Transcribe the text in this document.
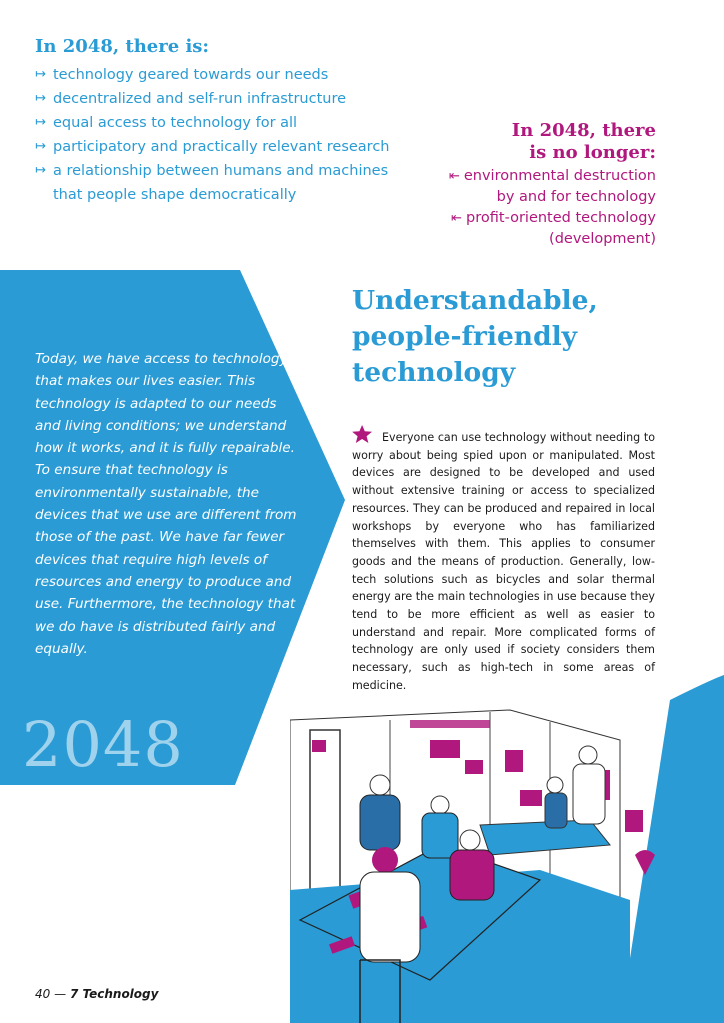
In 2048, there is:
↦ technology geared towards our needs
↦ decentralized and self-run infrastructure
↦ equal access to technology for all
↦ participatory and practically relevant research
↦ a relationship between humans and machines
that people shape democratically
In 2048, there
is no longer:
⇤ environmental destruction
by and for technology
⇤ profit-oriented technology
(development)
Today, we have access to technology that makes our lives easier. This technology is adapted to our needs and living conditions; we understand how it works, and it is fully repairable. To ensure that technology is environmentally sustainable, the devices that we use are different from those of the past. We have far fewer devices that require high levels of resources and energy to produce and use. Furthermore, the technology that we do have is distributed fairly and equally.
2048
Understandable, people-friendly technology

Everyone can use technology without needing to worry about being spied upon or manipulated. Most devices are designed to be developed and used without extensive training or access to specialized resources. They can be produced and repaired in local workshops by everyone who has familiarized themselves with them. This applies to consumer goods and the means of production. Generally, low-tech solutions such as bicycles and solar thermal energy are the main technologies in use because they tend to be more efficient as well as easier to understand and repair. More complicated forms of technology are only used if society considers them necessary, such as high-tech in some areas of medicine.

40 — 7 Technology
